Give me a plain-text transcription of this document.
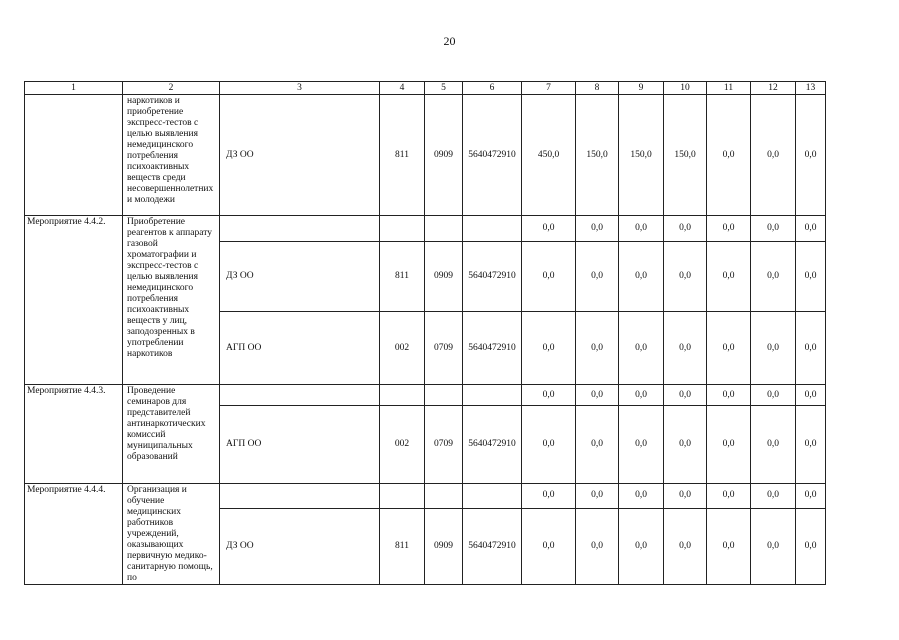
20
1	2	3	4	5	6	7	8	9	10	11	12	13
	наркотиков и приобретение экспресс-тестов с целью выявления немедицинского потребления психоактивных веществ среди несовершеннолетних и молодежи	ДЗ ОО	811	0909	5640472910	450,0	150,0	150,0	150,0	0,0	0,0	0,0
Мероприятие 4.4.2.	Приобретение реагентов к аппарату газовой хроматографии и экспресс-тестов с целью выявления немедицинского потребления психоактивных веществ у лиц, заподозренных в употреблении наркотиков					0,0	0,0	0,0	0,0	0,0	0,0	0,0
		ДЗ ОО	811	0909	5640472910	0,0	0,0	0,0	0,0	0,0	0,0	0,0
		АГП ОО	002	0709	5640472910	0,0	0,0	0,0	0,0	0,0	0,0	0,0
Мероприятие 4.4.3.	Проведение семинаров для представителей антинаркотических комиссий муниципальных образований					0,0	0,0	0,0	0,0	0,0	0,0	0,0
		АГП ОО	002	0709	5640472910	0,0	0,0	0,0	0,0	0,0	0,0	0,0
Мероприятие 4.4.4.	Организация и обучение медицинских работников учреждений, оказывающих первичную медико-санитарную помощь, по					0,0	0,0	0,0	0,0	0,0	0,0	0,0
		ДЗ ОО	811	0909	5640472910	0,0	0,0	0,0	0,0	0,0	0,0	0,0
